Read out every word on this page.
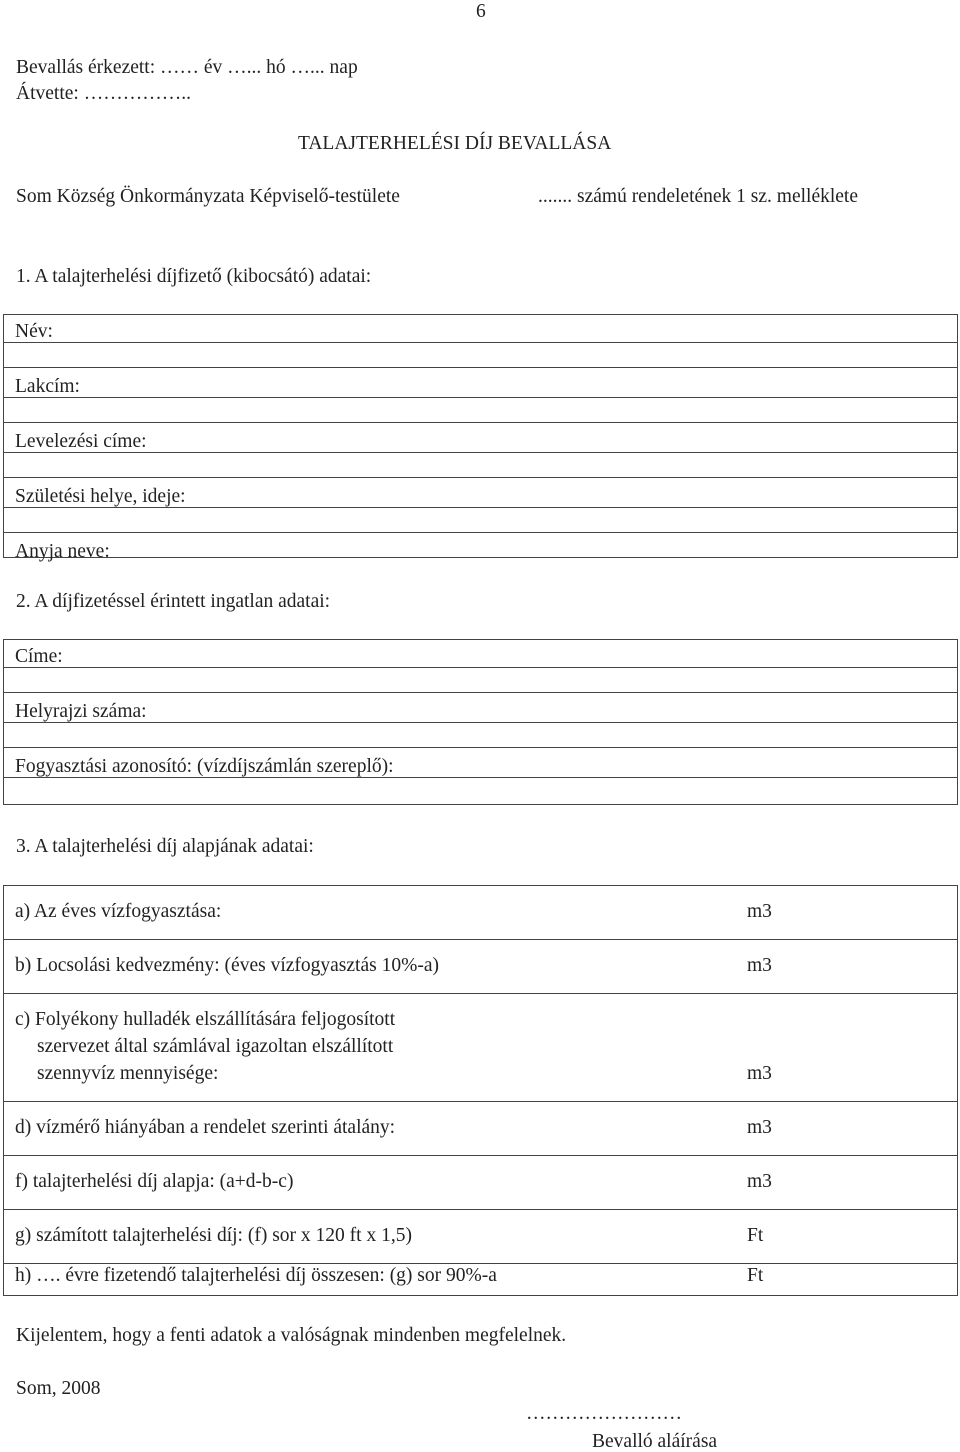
6
Bevallás érkezett: …… év …... hó …... nap
Átvette: ……………..
TALAJTERHELÉSI DÍJ BEVALLÁSA
Som Község Önkormányzata Képviselő-testülete	....... számú rendeletének 1 sz. melléklete
1. A talajterhelési díjfizető (kibocsátó) adatai:
Név:
Lakcím:
Levelezési címe:
Születési helye, ideje:
Anyja neve:
2. A díjfizetéssel érintett ingatlan adatai:
Címe:
Helyrajzi száma:
Fogyasztási azonosító: (vízdíjszámlán szereplő):
3. A talajterhelési díj alapjának adatai:
a) Az éves vízfogyasztása:	m3
b) Locsolási kedvezmény: (éves vízfogyasztás 10%-a)	m3
c) Folyékony hulladék elszállítására feljogosított
szervezet által számlával igazoltan elszállított
szennyvíz mennyisége:	m3
d) vízmérő hiányában a rendelet szerinti átalány:	m3
f) talajterhelési díj alapja: (a+d-b-c)	m3
g) számított talajterhelési díj: (f) sor x 120 ft x 1,5)	Ft
h) …. évre fizetendő talajterhelési díj összesen: (g) sor 90%-a	Ft
Kijelentem, hogy a fenti adatok a valóságnak mindenben megfelelnek.
Som, 2008
……………………
Bevalló aláírása
